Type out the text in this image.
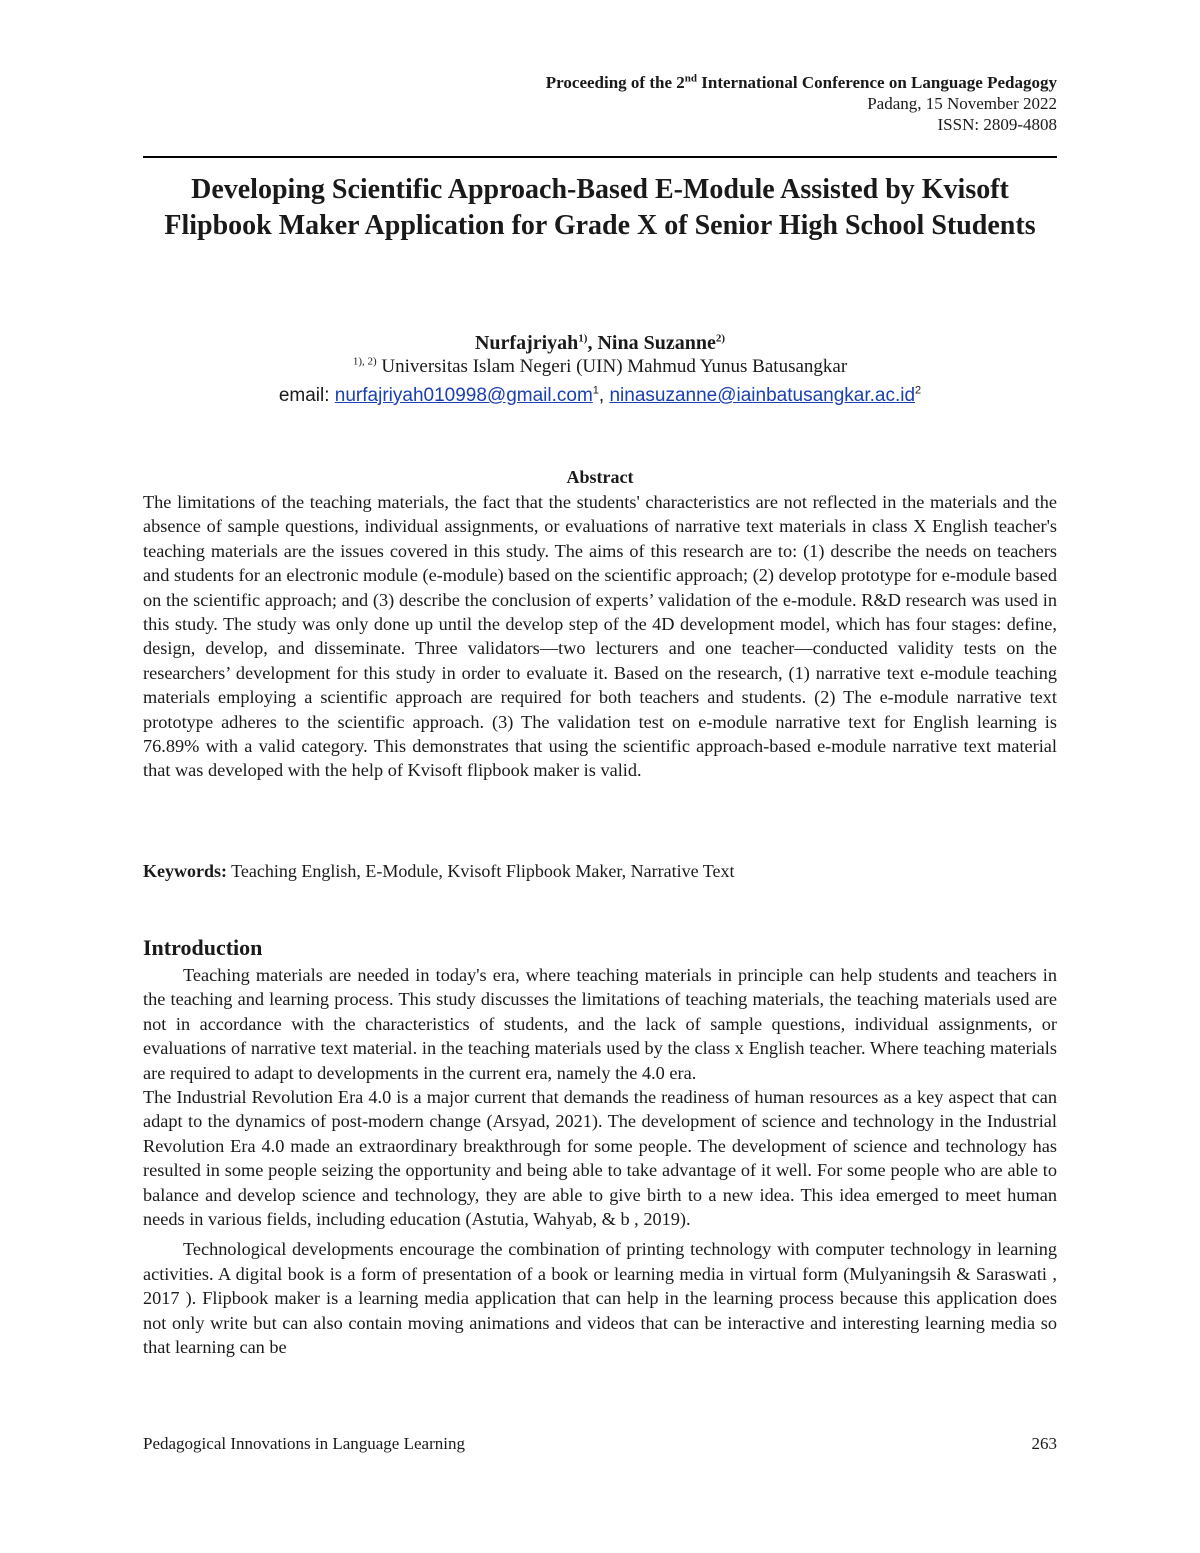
Proceeding of the 2nd International Conference on Language Pedagogy
Padang, 15 November 2022
ISSN: 2809-4808
Developing Scientific Approach-Based E-Module Assisted by Kvisoft Flipbook Maker Application for Grade X of Senior High School Students
Nurfajriyah$^{1)}$, Nina Suzanne$^{2)}$
$^{1), 2)}$ Universitas Islam Negeri (UIN) Mahmud Yunus Batusangkar
email: nurfajriyah010998@gmail.com$^1$, $ninasuzanne@iainbatusangkar.ac.id^2$
Abstract
The limitations of the teaching materials, the fact that the students' characteristics are not reflected in the materials and the absence of sample questions, individual assignments, or evaluations of narrative text materials in class X English teacher's teaching materials are the issues covered in this study. The aims of this research are to: (1) describe the needs on teachers and students for an electronic module (e-module) based on the scientific approach; (2) develop prototype for e-module based on the scientific approach; and (3) describe the conclusion of experts’ validation of the e-module. R&D research was used in this study. The study was only done up until the develop step of the 4D development model, which has four stages: define, design, develop, and disseminate. Three validators—two lecturers and one teacher—conducted validity tests on the researchers’ development for this study in order to evaluate it. Based on the research, (1) narrative text e-module teaching materials employing a scientific approach are required for both teachers and students. (2) The e-module narrative text prototype adheres to the scientific approach. (3) The validation test on e-module narrative text for English learning is 76.89% with a valid category. This demonstrates that using the scientific approach-based e-module narrative text material that was developed with the help of Kvisoft flipbook maker is valid.
Keywords: Teaching English, E-Module, Kvisoft Flipbook Maker, Narrative Text
Introduction

Teaching materials are needed in today's era, where teaching materials in principle can help students and teachers in the teaching and learning process. This study discusses the limitations of teaching materials, the teaching materials used are not in accordance with the characteristics of students, and the lack of sample questions, individual assignments, or evaluations of narrative text material. in the teaching materials used by the class x English teacher. Where teaching materials are required to adapt to developments in the current era, namely the 4.0 era.

The Industrial Revolution Era 4.0 is a major current that demands the readiness of human resources as a key aspect that can adapt to the dynamics of post-modern change (Arsyad, 2021). The development of science and technology in the Industrial Revolution Era 4.0 made an extraordinary breakthrough for some people. The development of science and technology has resulted in some people seizing the opportunity and being able to take advantage of it well. For some people who are able to balance and develop science and technology, they are able to give birth to a new idea. This idea emerged to meet human needs in various fields, including education (Astutia, Wahyab, & b , 2019).

Technological developments encourage the combination of printing technology with computer technology in learning activities. A digital book is a form of presentation of a book or learning media in virtual form (Mulyaningsih & Saraswati , 2017 ). Flipbook maker is a learning media application that can help in the learning process because this application does not only write but can also contain moving animations and videos that can be interactive and interesting learning media so that learning can be

Pedagogical Innovations in Language Learning	263
